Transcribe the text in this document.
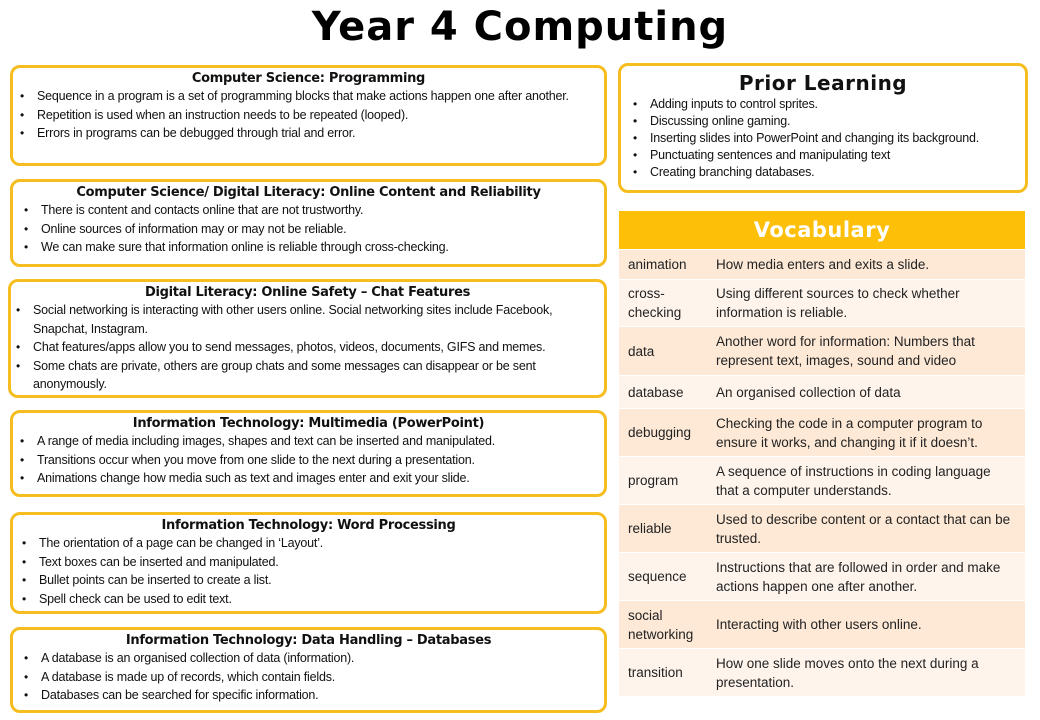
Year 4 Computing
Computer Science: Programming
• Sequence in a program is a set of programming blocks that make actions happen one after another.
• Repetition is used when an instruction needs to be repeated (looped).
• Errors in programs can be debugged through trial and error.
Computer Science/ Digital Literacy: Online Content and Reliability
• There is content and contacts online that are not trustworthy.
• Online sources of information may or may not be reliable.
• We can make sure that information online is reliable through cross-checking.
Digital Literacy: Online Safety – Chat Features
• Social networking is interacting with other users online. Social networking sites include Facebook, Snapchat, Instagram.
• Chat features/apps allow you to send messages, photos, videos, documents, GIFS and memes.
• Some chats are private, others are group chats and some messages can disappear or be sent anonymously.
Information Technology: Multimedia (PowerPoint)
• A range of media including images, shapes and text can be inserted and manipulated.
• Transitions occur when you move from one slide to the next during a presentation.
• Animations change how media such as text and images enter and exit your slide.
Information Technology: Word Processing
• The orientation of a page can be changed in ‘Layout’.
• Text boxes can be inserted and manipulated.
• Bullet points can be inserted to create a list.
• Spell check can be used to edit text.
Information Technology: Data Handling – Databases
• A database is an organised collection of data (information).
• A database is made up of records, which contain fields.
• Databases can be searched for specific information.
Prior Learning
• Adding inputs to control sprites.
• Discussing online gaming.
• Inserting slides into PowerPoint and changing its background.
• Punctuating sentences and manipulating text
• Creating branching databases.
Vocabulary
animation	How media enters and exits a slide.
cross-checking
Using different sources to check whether information is reliable.
data
Another word for information: Numbers that represent text, images, sound and video
database	An organised collection of data
debugging
Checking the code in a computer program to ensure it works, and changing it if it doesn’t.
program
A sequence of instructions in coding language that a computer understands.
reliable
Used to describe content or a contact that can be trusted.
sequence
Instructions that are followed in order and make actions happen one after another.
social networking
Interacting with other users online.
transition
How one slide moves onto the next during a presentation.
